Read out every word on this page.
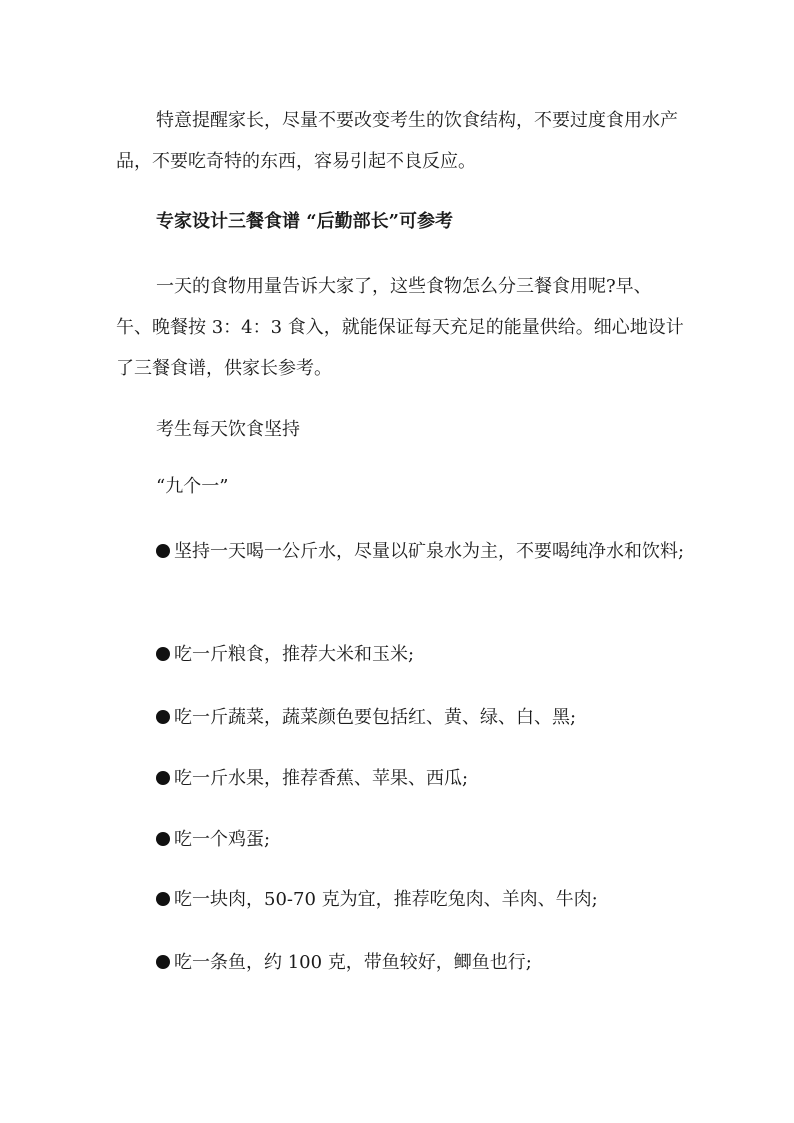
特意提醒家长，尽量不要改变考生的饮食结构，不要过度食用水产品，不要吃奇特的东西，容易引起不良反应。

专家设计三餐食谱 “后勤部长”可参考

一天的食物用量告诉大家了，这些食物怎么分三餐食用呢?早、午、晚餐按 3：4：3 食入，就能保证每天充足的能量供给。细心地设计了三餐食谱，供家长参考。

考生每天饮食坚持

“九个一”

坚持一天喝一公斤水，尽量以矿泉水为主，不要喝纯净水和饮料;

吃一斤粮食，推荐大米和玉米;

吃一斤蔬菜，蔬菜颜色要包括红、黄、绿、白、黑;

吃一斤水果，推荐香蕉、苹果、西瓜;

吃一个鸡蛋;

吃一块肉，50-70 克为宜，推荐吃兔肉、羊肉、牛肉;

吃一条鱼，约 100 克，带鱼较好，鲫鱼也行;
